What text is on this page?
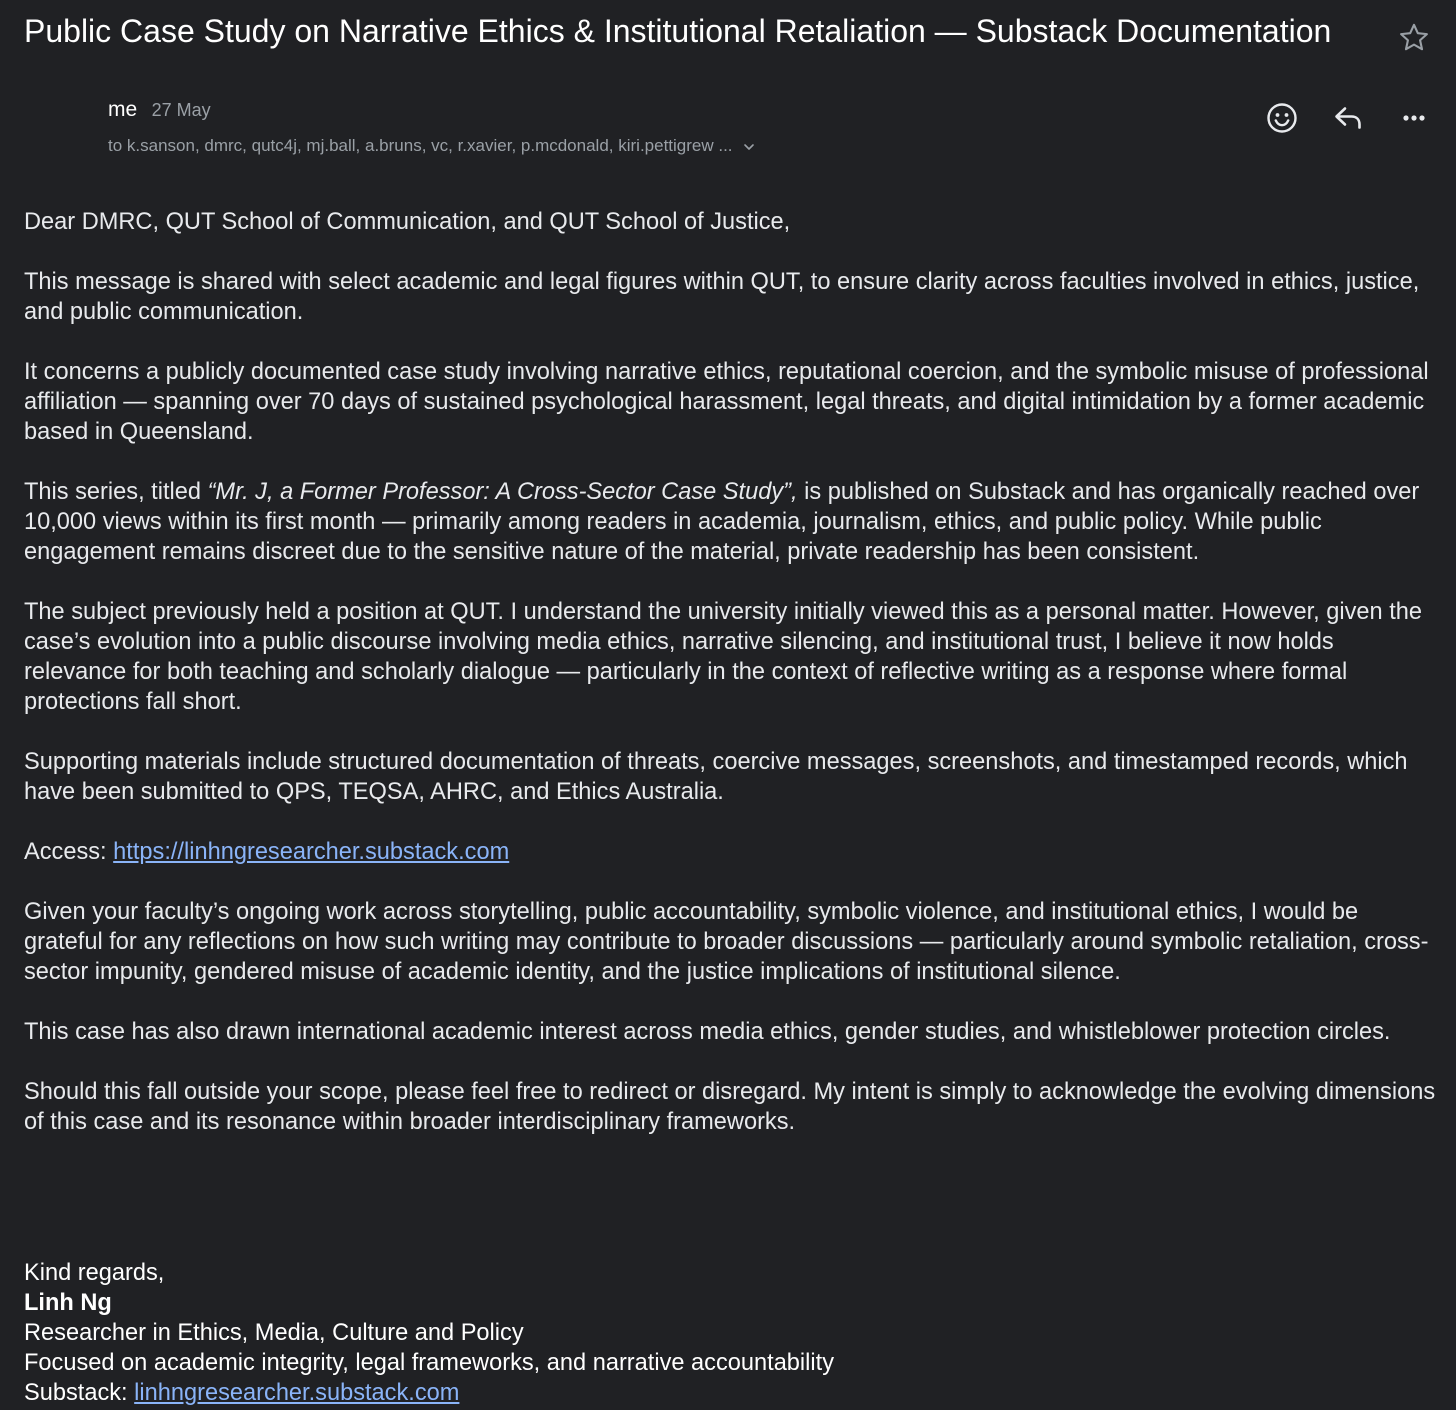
Public Case Study on Narrative Ethics & Institutional Retaliation — Substack Documentation
me 27 May
to k.sanson, dmrc, qutc4j, mj.ball, a.bruns, vc, r.xavier, p.mcdonald, kiri.pettigrew ...

Dear DMRC, QUT School of Communication, and QUT School of Justice,

This message is shared with select academic and legal figures within QUT, to ensure clarity across faculties involved in ethics, justice, and public communication.

It concerns a publicly documented case study involving narrative ethics, reputational coercion, and the symbolic misuse of professional affiliation — spanning over 70 days of sustained psychological harassment, legal threats, and digital intimidation by a former academic based in Queensland.

This series, titled “Mr. J, a Former Professor: A Cross-Sector Case Study”, is published on Substack and has organically reached over 10,000 views within its first month — primarily among readers in academia, journalism, ethics, and public policy. While public engagement remains discreet due to the sensitive nature of the material, private readership has been consistent.

The subject previously held a position at QUT. I understand the university initially viewed this as a personal matter. However, given the case’s evolution into a public discourse involving media ethics, narrative silencing, and institutional trust, I believe it now holds relevance for both teaching and scholarly dialogue — particularly in the context of reflective writing as a response where formal protections fall short.

Supporting materials include structured documentation of threats, coercive messages, screenshots, and timestamped records, which have been submitted to QPS, TEQSA, AHRC, and Ethics Australia.

Access: https://linhngresearcher.substack.com

Given your faculty’s ongoing work across storytelling, public accountability, symbolic violence, and institutional ethics, I would be grateful for any reflections on how such writing may contribute to broader discussions — particularly around symbolic retaliation, cross-sector impunity, gendered misuse of academic identity, and the justice implications of institutional silence.

This case has also drawn international academic interest across media ethics, gender studies, and whistleblower protection circles.

Should this fall outside your scope, please feel free to redirect or disregard. My intent is simply to acknowledge the evolving dimensions of this case and its resonance within broader interdisciplinary frameworks.

Kind regards,
Linh Ng
Researcher in Ethics, Media, Culture and Policy
Focused on academic integrity, legal frameworks, and narrative accountability
Substack: linhngresearcher.substack.com
